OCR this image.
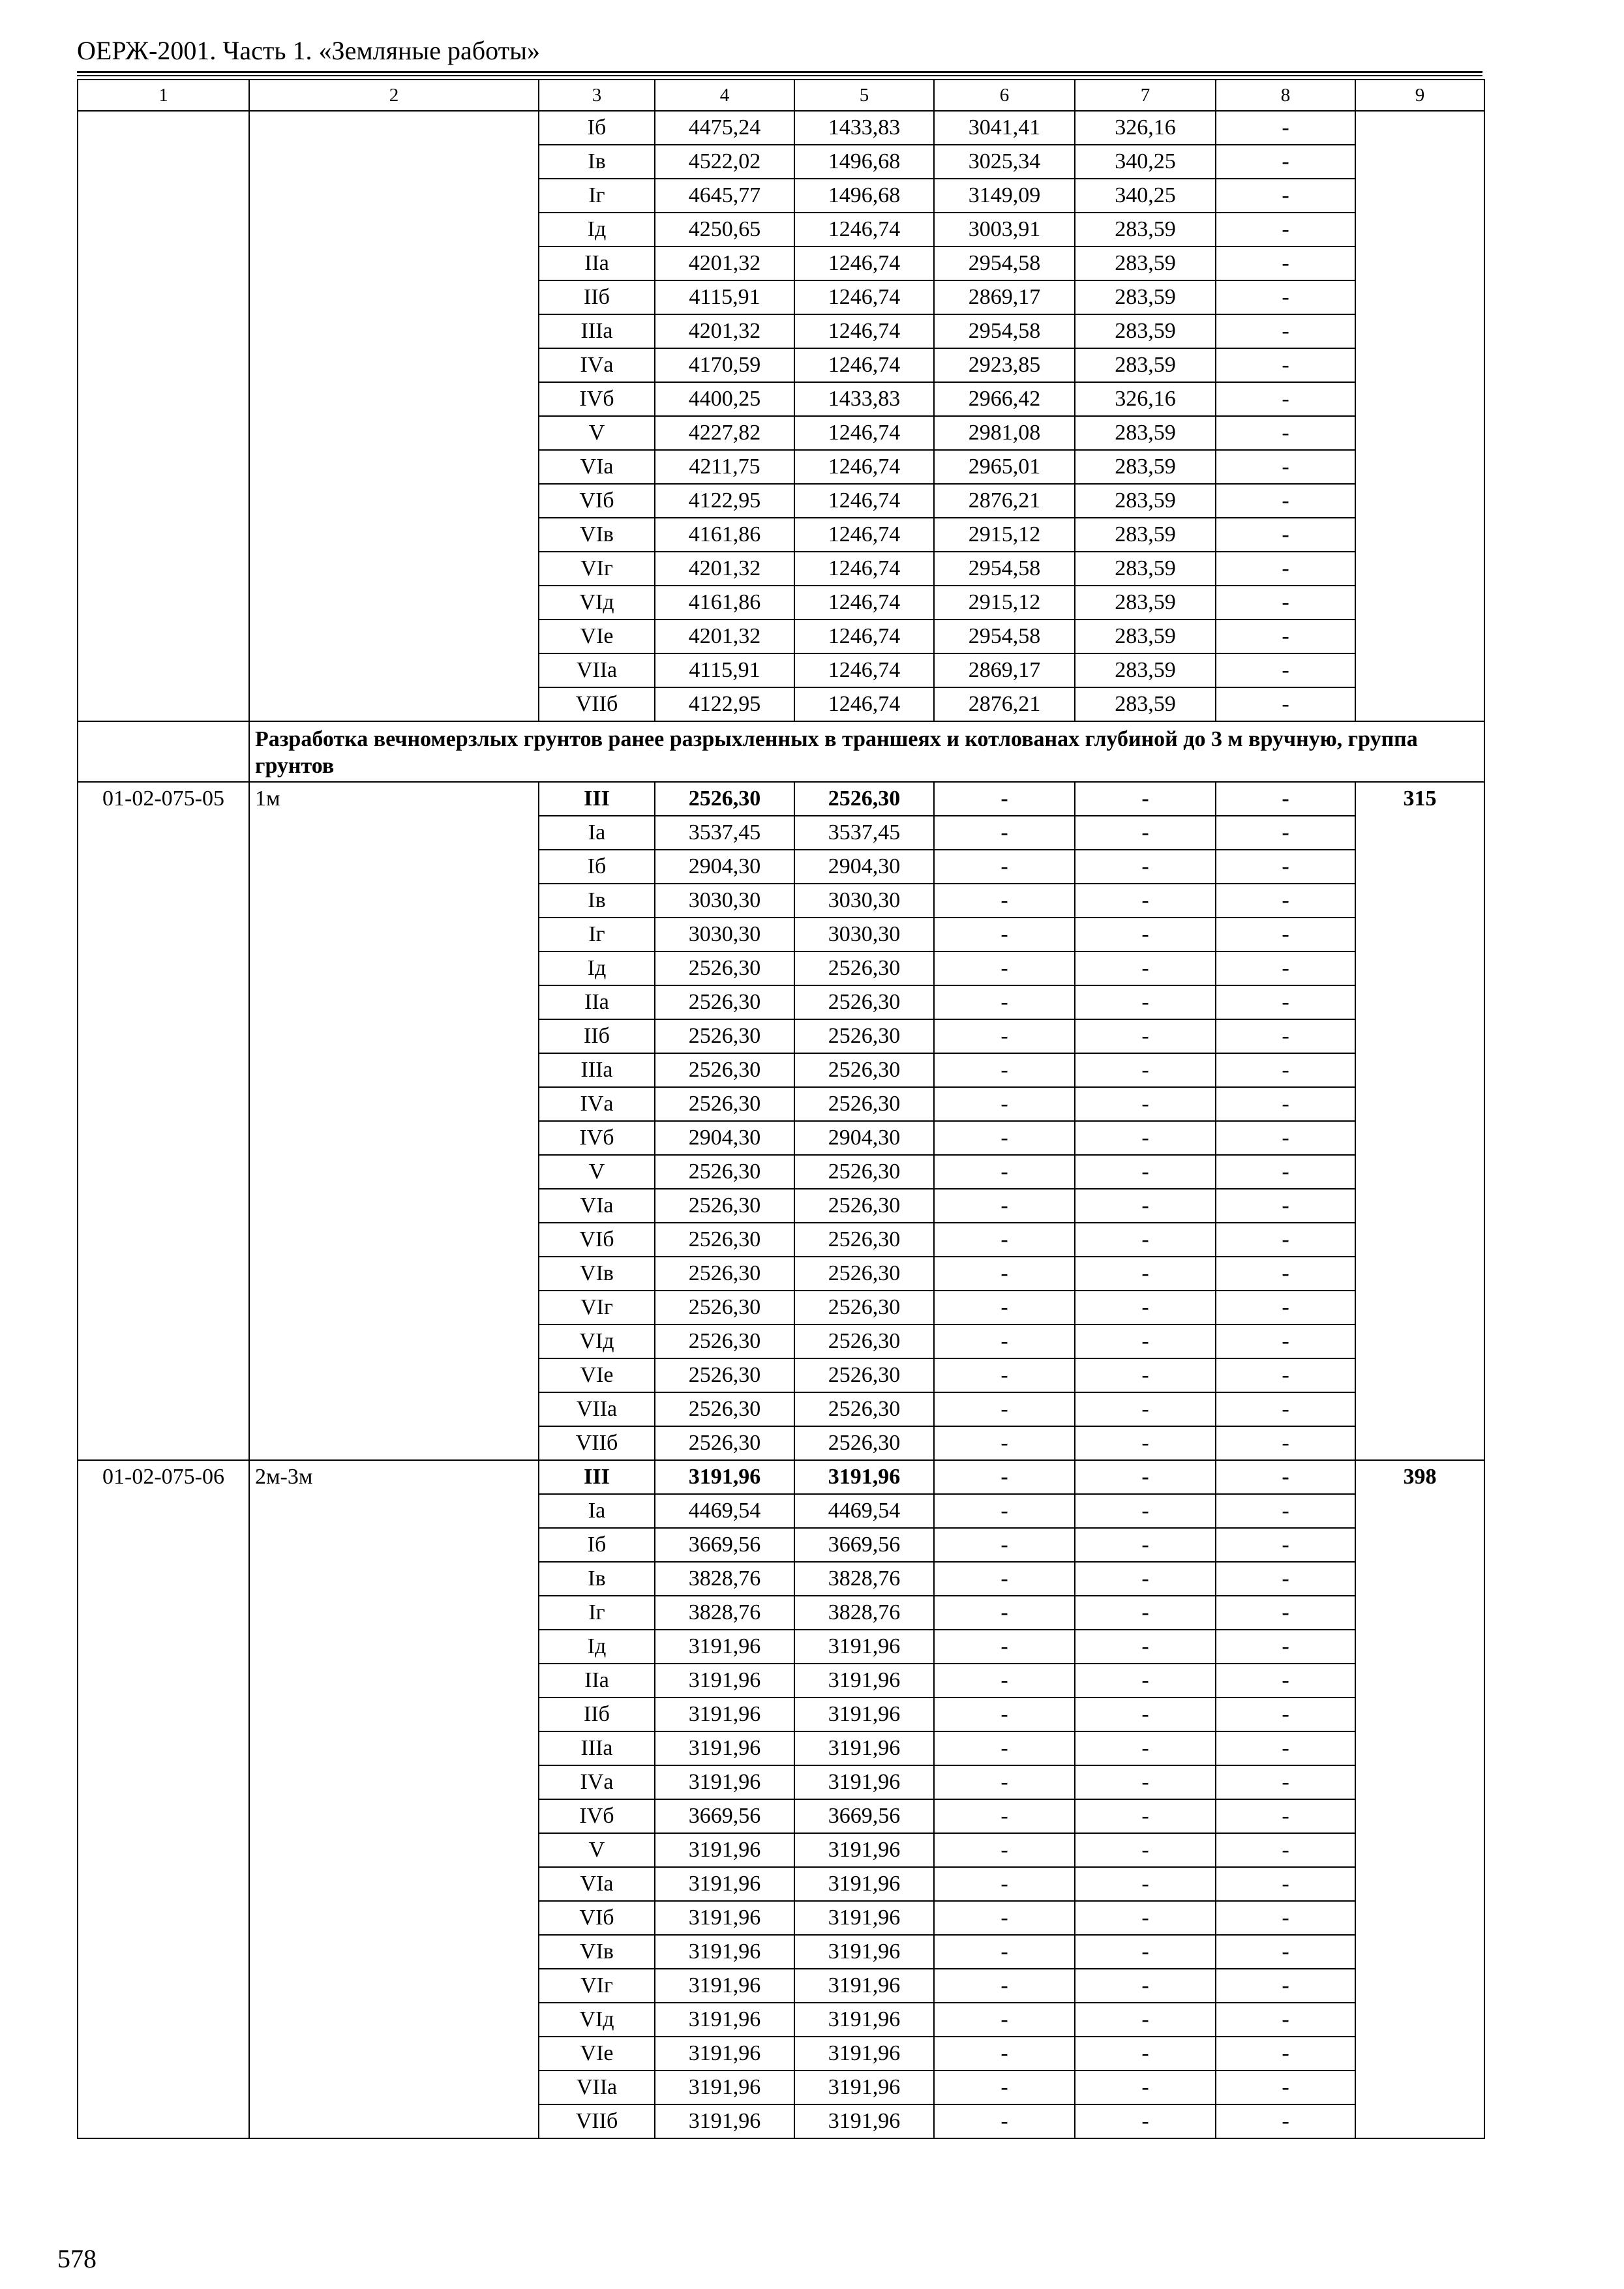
ОЕРЖ-2001. Часть 1. «Земляные работы»
1	2	3	4	5	6	7	8	9
		Iб	4475,24	1433,83	3041,41	326,16	-	
		Iв	4522,02	1496,68	3025,34	340,25	-	
		Iг	4645,77	1496,68	3149,09	340,25	-	
		Iд	4250,65	1246,74	3003,91	283,59	-	
		IIа	4201,32	1246,74	2954,58	283,59	-	
		IIб	4115,91	1246,74	2869,17	283,59	-	
		IIIа	4201,32	1246,74	2954,58	283,59	-	
		IVа	4170,59	1246,74	2923,85	283,59	-	
		IVб	4400,25	1433,83	2966,42	326,16	-	
		V	4227,82	1246,74	2981,08	283,59	-	
		VIа	4211,75	1246,74	2965,01	283,59	-	
		VIб	4122,95	1246,74	2876,21	283,59	-	
		VIв	4161,86	1246,74	2915,12	283,59	-	
		VIг	4201,32	1246,74	2954,58	283,59	-	
		VIд	4161,86	1246,74	2915,12	283,59	-	
		VIе	4201,32	1246,74	2954,58	283,59	-	
		VIIа	4115,91	1246,74	2869,17	283,59	-	
		VIIб	4122,95	1246,74	2876,21	283,59	-	
	Разработка вечномерзлых грунтов ранее разрыхленных в траншеях и котлованах глубиной до 3 м вручную, группа грунтов							
01-02-075-05	1м	III	2526,30	2526,30	-	-	-	315
		Iа	3537,45	3537,45	-	-	-	
		Iб	2904,30	2904,30	-	-	-	
		Iв	3030,30	3030,30	-	-	-	
		Iг	3030,30	3030,30	-	-	-	
		Iд	2526,30	2526,30	-	-	-	
		IIа	2526,30	2526,30	-	-	-	
		IIб	2526,30	2526,30	-	-	-	
		IIIа	2526,30	2526,30	-	-	-	
		IVа	2526,30	2526,30	-	-	-	
		IVб	2904,30	2904,30	-	-	-	
		V	2526,30	2526,30	-	-	-	
		VIа	2526,30	2526,30	-	-	-	
		VIб	2526,30	2526,30	-	-	-	
		VIв	2526,30	2526,30	-	-	-	
		VIг	2526,30	2526,30	-	-	-	
		VIд	2526,30	2526,30	-	-	-	
		VIе	2526,30	2526,30	-	-	-	
		VIIа	2526,30	2526,30	-	-	-	
		VIIб	2526,30	2526,30	-	-	-	
01-02-075-06	2м-3м	III	3191,96	3191,96	-	-	-	398
		Iа	4469,54	4469,54	-	-	-	
		Iб	3669,56	3669,56	-	-	-	
		Iв	3828,76	3828,76	-	-	-	
		Iг	3828,76	3828,76	-	-	-	
		Iд	3191,96	3191,96	-	-	-	
		IIа	3191,96	3191,96	-	-	-	
		IIб	3191,96	3191,96	-	-	-	
		IIIа	3191,96	3191,96	-	-	-	
		IVа	3191,96	3191,96	-	-	-	
		IVб	3669,56	3669,56	-	-	-	
		V	3191,96	3191,96	-	-	-	
		VIа	3191,96	3191,96	-	-	-	
		VIб	3191,96	3191,96	-	-	-	
		VIв	3191,96	3191,96	-	-	-	
		VIг	3191,96	3191,96	-	-	-	
		VIд	3191,96	3191,96	-	-	-	
		VIе	3191,96	3191,96	-	-	-	
		VIIа	3191,96	3191,96	-	-	-	
		VIIб	3191,96	3191,96	-	-	-	
578
